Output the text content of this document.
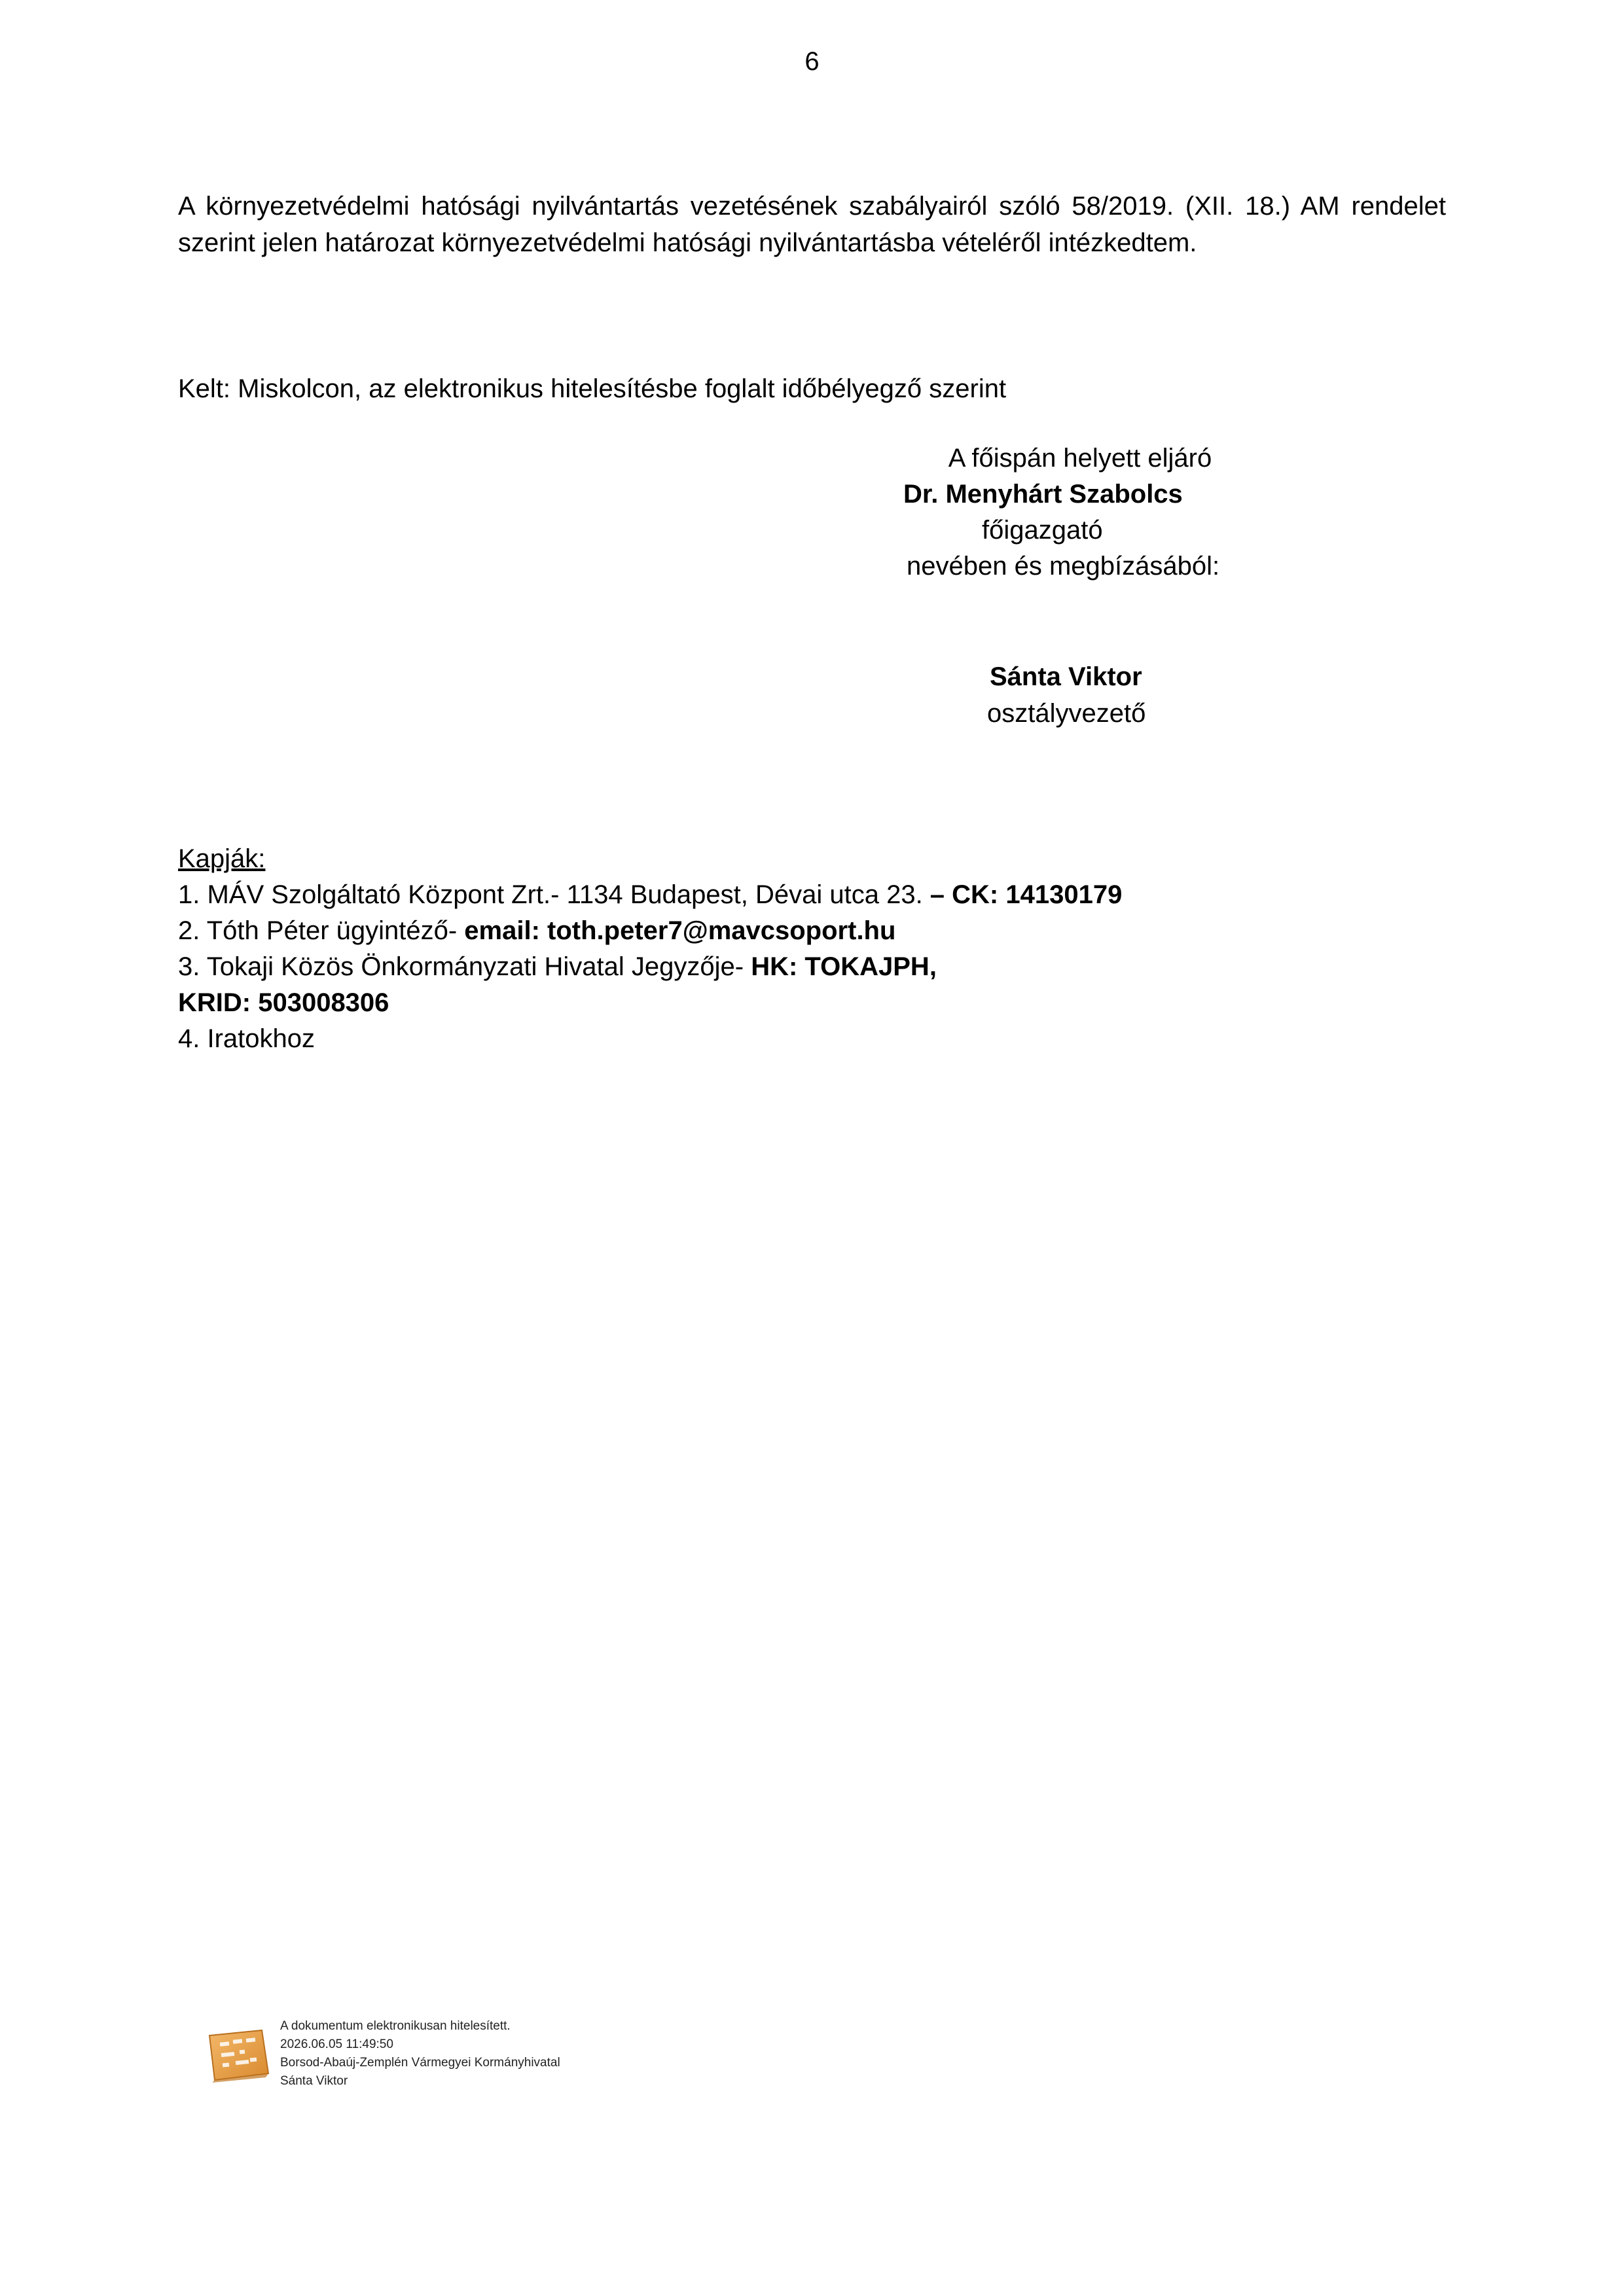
6
A környezetvédelmi hatósági nyilvántartás vezetésének szabályairól szóló 58/2019. (XII. 18.) AM rendelet szerint jelen határozat környezetvédelmi hatósági nyilvántartásba vételéről intézkedtem.
Kelt: Miskolcon, az elektronikus hitelesítésbe foglalt időbélyegző szerint
A főispán helyett eljáró
Dr. Menyhárt Szabolcs
főigazgató
nevében és megbízásából:
Sánta Viktor
osztályvezető
Kapják:
1. MÁV Szolgáltató Központ Zrt.- 1134 Budapest, Dévai utca 23. – CK: 14130179
2. Tóth Péter ügyintéző- email: toth.peter7@mavcsoport.hu
3. Tokaji Közös Önkormányzati Hivatal Jegyzője- HK: TOKAJPH,
KRID: 503008306
4. Iratokhoz
A dokumentum elektronikusan hitelesített.
2026.06.05 11:49:50
Borsod-Abaúj-Zemplén Vármegyei Kormányhivatal
Sánta Viktor
